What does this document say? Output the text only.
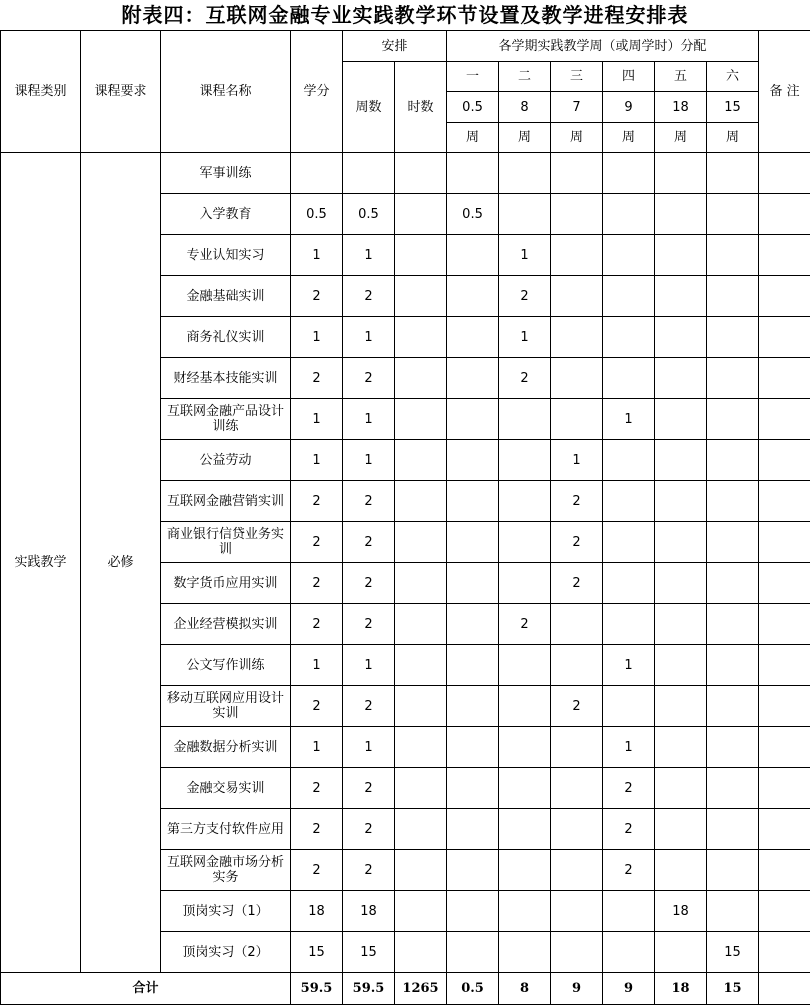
附表四：互联网金融专业实践教学环节设置及教学进程安排表
课程类别	课程要求	课程名称	学分	安排		各学期实践教学周（或周学时）分配						备 注
				周数	时数	一	二	三	四	五	六	
						0.5	8	7	9	18	15	
						周	周	周	周	周	周	
实践教学	必修	军事训练										
		入学教育	0.5	0.5		0.5						
		专业认知实习	1	1			1					
		金融基础实训	2	2			2					
		商务礼仪实训	1	1			1					
		财经基本技能实训	2	2			2					
		互联网金融产品设计训练	1	1					1			
		公益劳动	1	1				1				
		互联网金融营销实训	2	2				2				
		商业银行信贷业务实训	2	2				2				
		数字货币应用实训	2	2				2				
		企业经营模拟实训	2	2			2					
		公文写作训练	1	1					1			
		移动互联网应用设计实训	2	2				2				
		金融数据分析实训	1	1					1			
		金融交易实训	2	2					2			
		第三方支付软件应用	2	2					2			
		互联网金融市场分析实务	2	2					2			
		顶岗实习（1）	18	18						18		
		顶岗实习（2）	15	15							15	
合计			59.5	59.5	1265	0.5	8	9	9	18	15	
